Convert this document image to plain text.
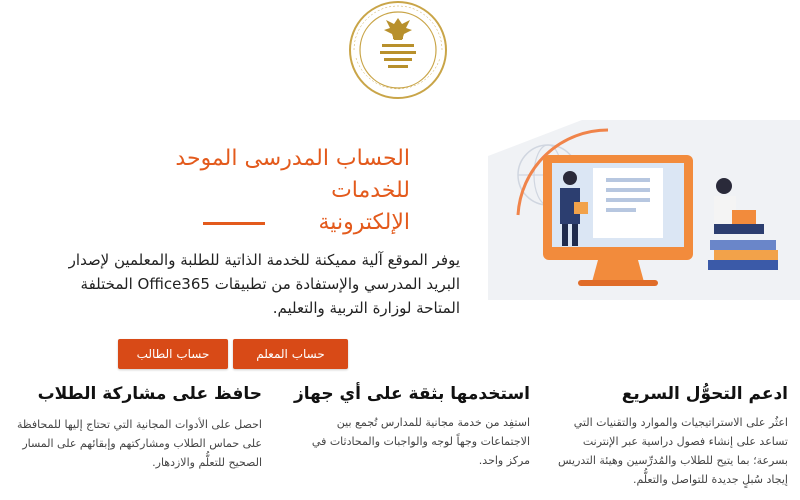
الحساب المدرسى الموحد للخدمات
الإلكترونية

يوفر الموقع آلية مميكنة للخدمة الذاتية للطلبة والمعلمين لإصدار البريد المدرسي والإستفادة من تطبيقات Office365 المختلفة المتاحة لوزارة التربية والتعليم.

حساب المعلم
حساب الطالب
ادعم التحوُّل السريع

اعثُر على الاستراتيجيات والموارد والتقنيات التي تساعد على إنشاء فصول دراسية عبر الإنترنت بسرعة؛ بما يتيح للطلاب والمُدرِّسين وهيئة التدريس إيجاد سُبلٍ جديدة للتواصل والتعلُّم.

استخدمها بثقة على أي جهاز

استفِد من خدمة مجانية للمدارس تُجمع بين الاجتماعات وجهاً لوجه والواجبات والمحادثات في مركز واحد.

حافظ على مشاركة الطلاب

احصل على الأدوات المجانية التي تحتاج إليها للمحافظة على حماس الطلاب ومشاركتهم وإبقائهم على المسار الصحيح للتعلُّم والازدهار.
